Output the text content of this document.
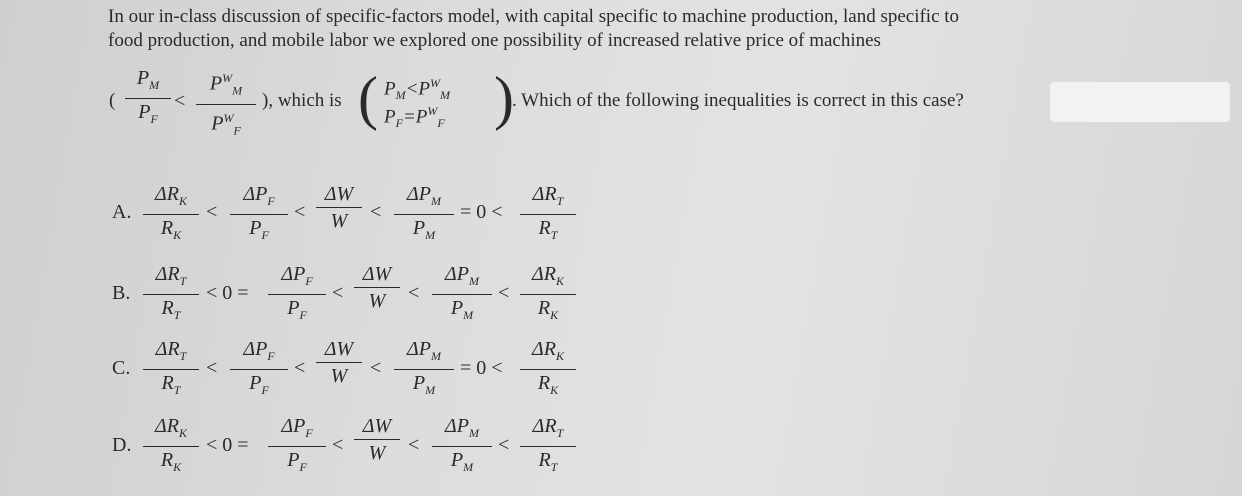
In our in-class discussion of specific-factors model, with capital specific to machine production, land specific to
food production, and mobile labor we explored one possibility of increased relative price of machines
(
$P_M$
$P_F$
<
$P^W_M$
$P^W_F$
), which is ( $P_M<P^W_M$
$P_F=P^W_F$ )
. Which of the following inequalities is correct in this case?
A.
$\Delta R_K$
$R_K$
<
$\Delta P_F$
$P_F$
<
ΔW
W <
$\Delta P_M$
$P_M$
= 0 <
$\Delta R_T$
$R_T$
B.
$\Delta R_T$
$R_T$
< 0 =
$\Delta P_F$
$P_F$
<
ΔW
W <
$\Delta P_M$
$P_M$
<
$\Delta R_K$
$R_K$
C.
$\Delta R_T$
$R_T$
<
$\Delta P_F$
$P_F$
<
ΔW
W <
$\Delta P_M$
$P_M$
= 0 <
$\Delta R_K$
$R_K$
D.
$\Delta R_K$
$R_K$
< 0 =
$\Delta P_F$
$P_F$
<
ΔW
W <
$\Delta P_M$
$P_M$
<
$\Delta R_T$
$R_T$
